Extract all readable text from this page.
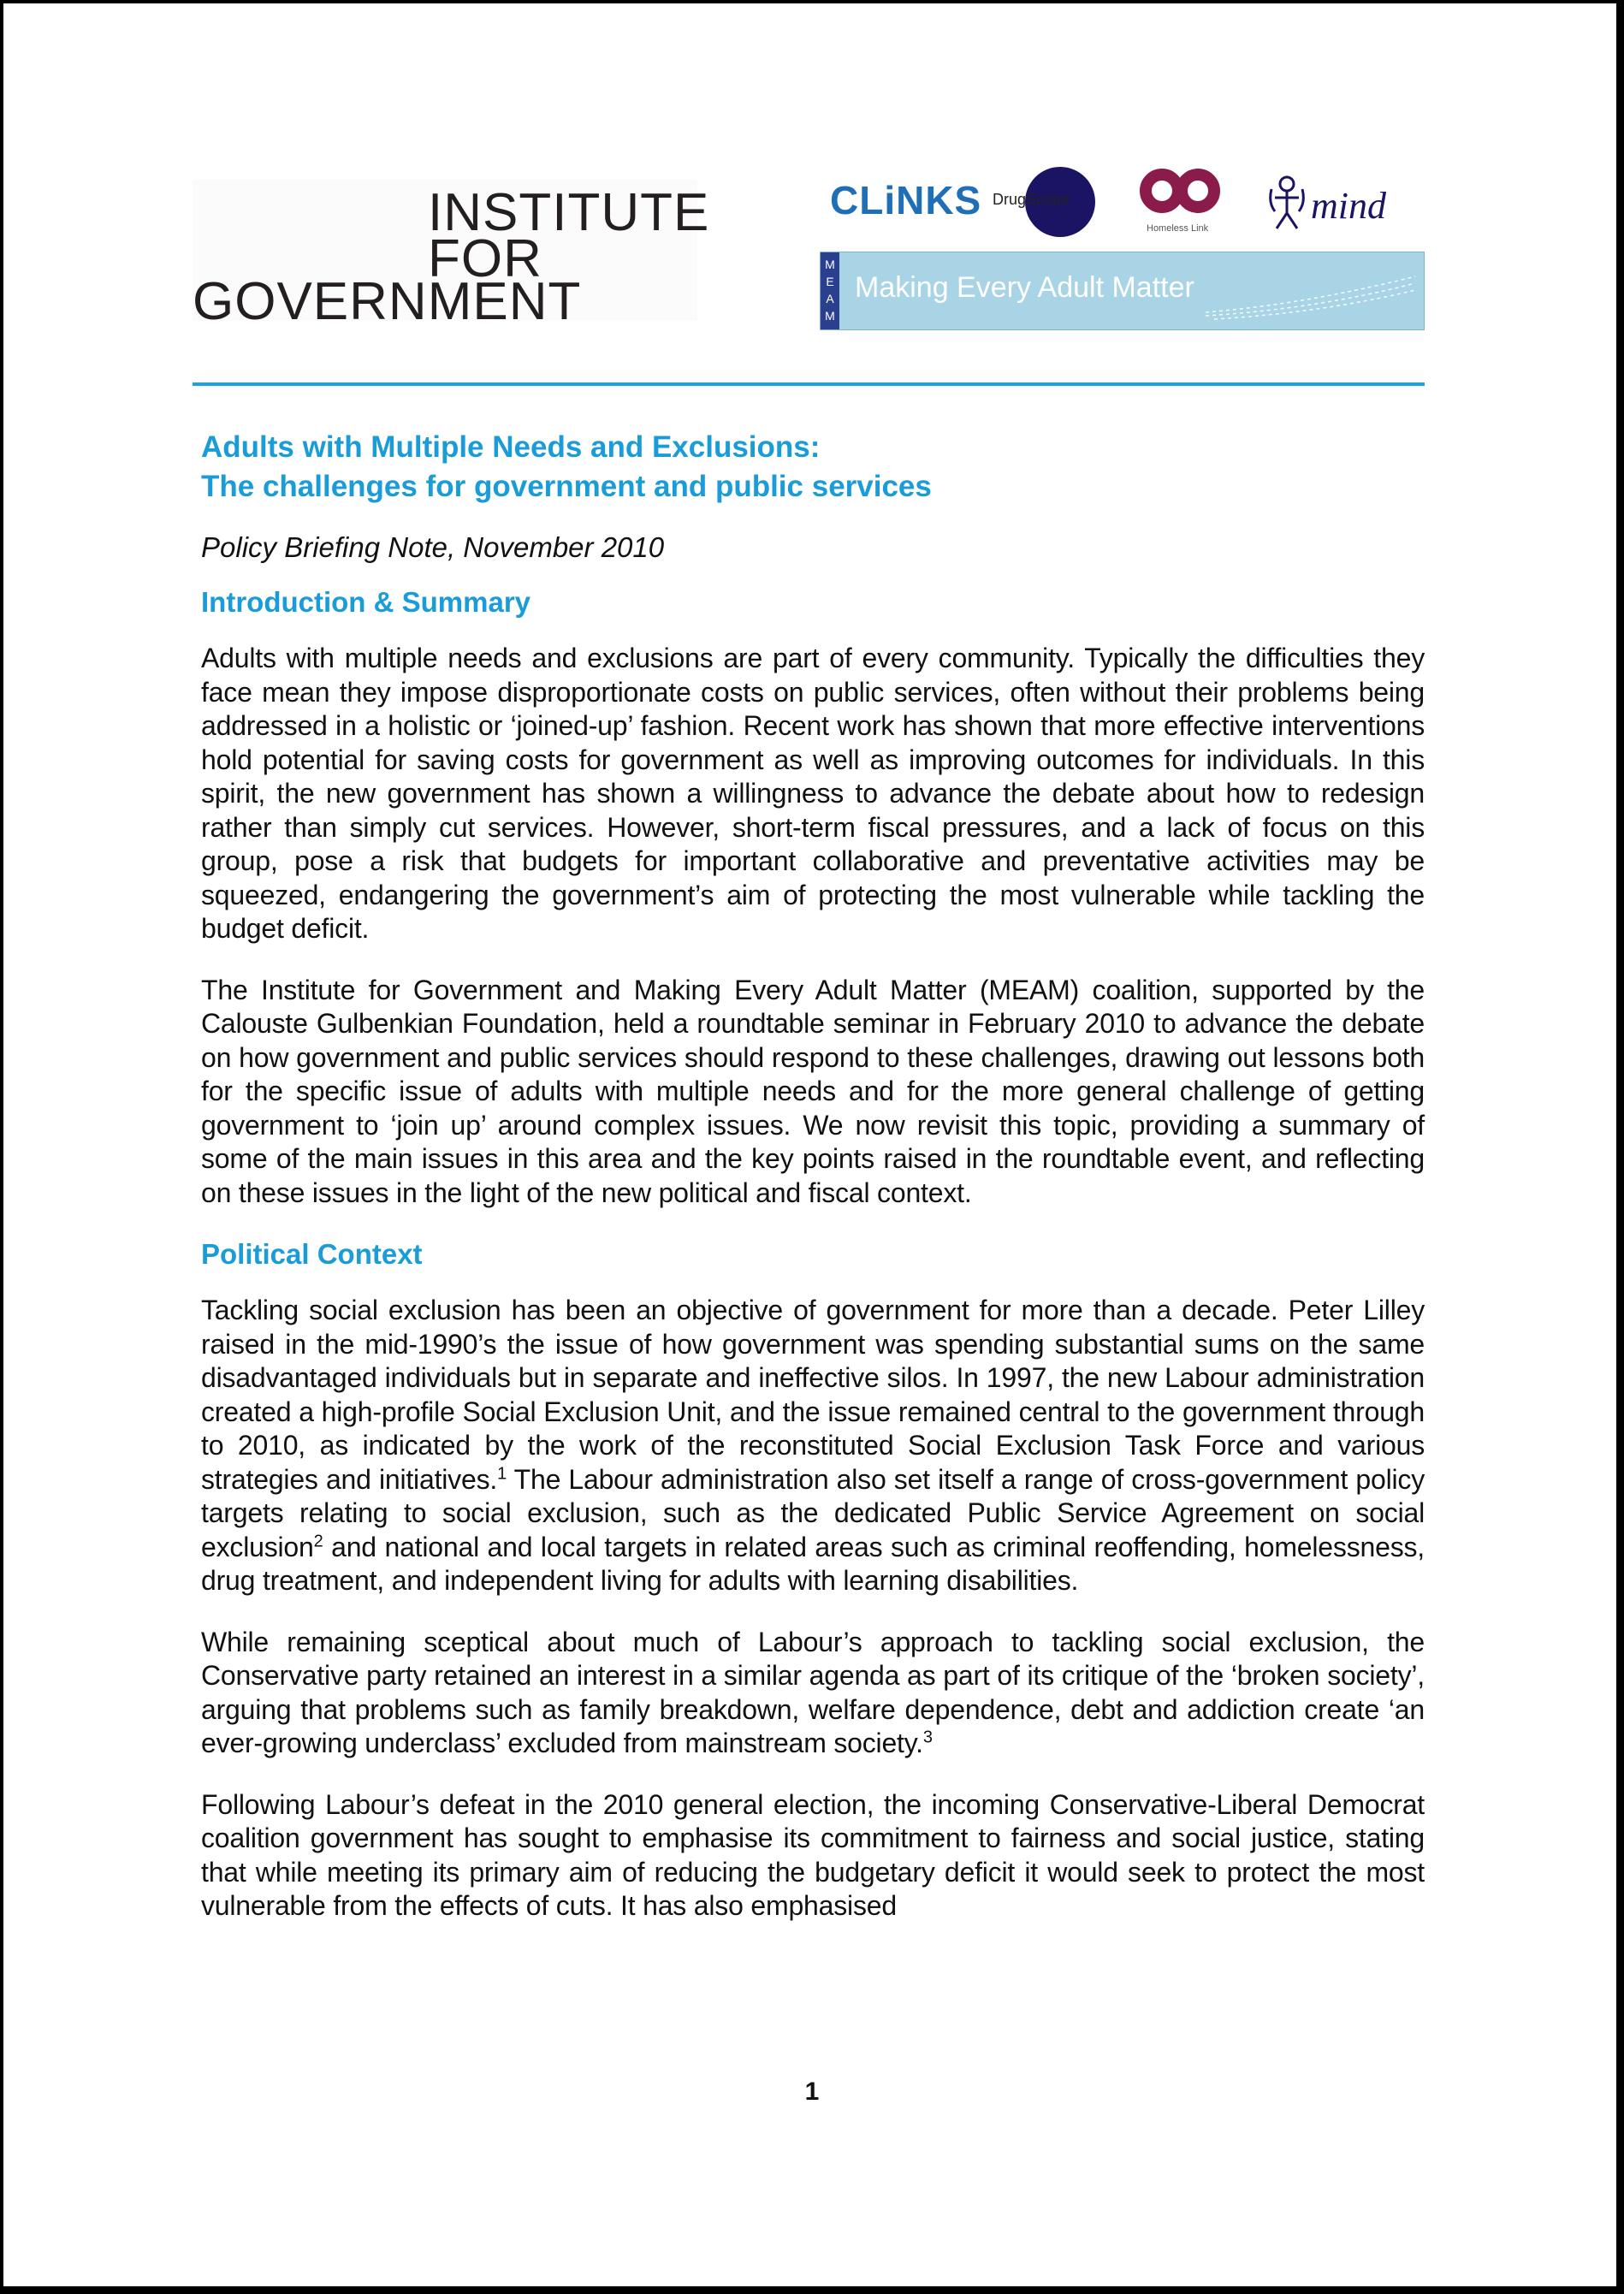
INSTITUTE
FOR
GOVERNMENT
CLiNKS DrugScope
Homeless Link
mind
M
E
A
M
Making Every Adult Matter

Adults with Multiple Needs and Exclusions:
The challenges for government and public services

Policy Briefing Note, November 2010

Introduction & Summary

Adults with multiple needs and exclusions are part of every community. Typically the difficulties they face mean they impose disproportionate costs on public services, often without their problems being addressed in a holistic or ‘joined-up’ fashion. Recent work has shown that more effective interventions hold potential for saving costs for government as well as improving outcomes for individuals. In this spirit, the new government has shown a willingness to advance the debate about how to redesign rather than simply cut services. However, short-term fiscal pressures, and a lack of focus on this group, pose a risk that budgets for important collaborative and preventative activities may be squeezed, endangering the government’s aim of protecting the most vulnerable while tackling the budget deficit.

The Institute for Government and Making Every Adult Matter (MEAM) coalition, supported by the Calouste Gulbenkian Foundation, held a roundtable seminar in February 2010 to advance the debate on how government and public services should respond to these challenges, drawing out lessons both for the specific issue of adults with multiple needs and for the more general challenge of getting government to ‘join up’ around complex issues. We now revisit this topic, providing a summary of some of the main issues in this area and the key points raised in the roundtable event, and reflecting on these issues in the light of the new political and fiscal context.

Political Context

Tackling social exclusion has been an objective of government for more than a decade. Peter Lilley raised in the mid-1990’s the issue of how government was spending substantial sums on the same disadvantaged individuals but in separate and ineffective silos. In 1997, the new Labour administration created a high-profile Social Exclusion Unit, and the issue remained central to the government through to 2010, as indicated by the work of the reconstituted Social Exclusion Task Force and various strategies and initiatives.$^1$ The Labour administration also set itself a range of cross-government policy targets relating to social exclusion, such as the dedicated Public Service Agreement on social exclusion$^2$ and national and local targets in related areas such as criminal reoffending, homelessness, drug treatment, and independent living for adults with learning disabilities.

While remaining sceptical about much of Labour’s approach to tackling social exclusion, the Conservative party retained an interest in a similar agenda as part of its critique of the ‘broken society’, arguing that problems such as family breakdown, welfare dependence, debt and addiction create ‘an ever-growing underclass’ excluded from mainstream society.$^3$

Following Labour’s defeat in the 2010 general election, the incoming Conservative-Liberal Democrat coalition government has sought to emphasise its commitment to fairness and social justice, stating that while meeting its primary aim of reducing the budgetary deficit it would seek to protect the most vulnerable from the effects of cuts. It has also emphasised

1
